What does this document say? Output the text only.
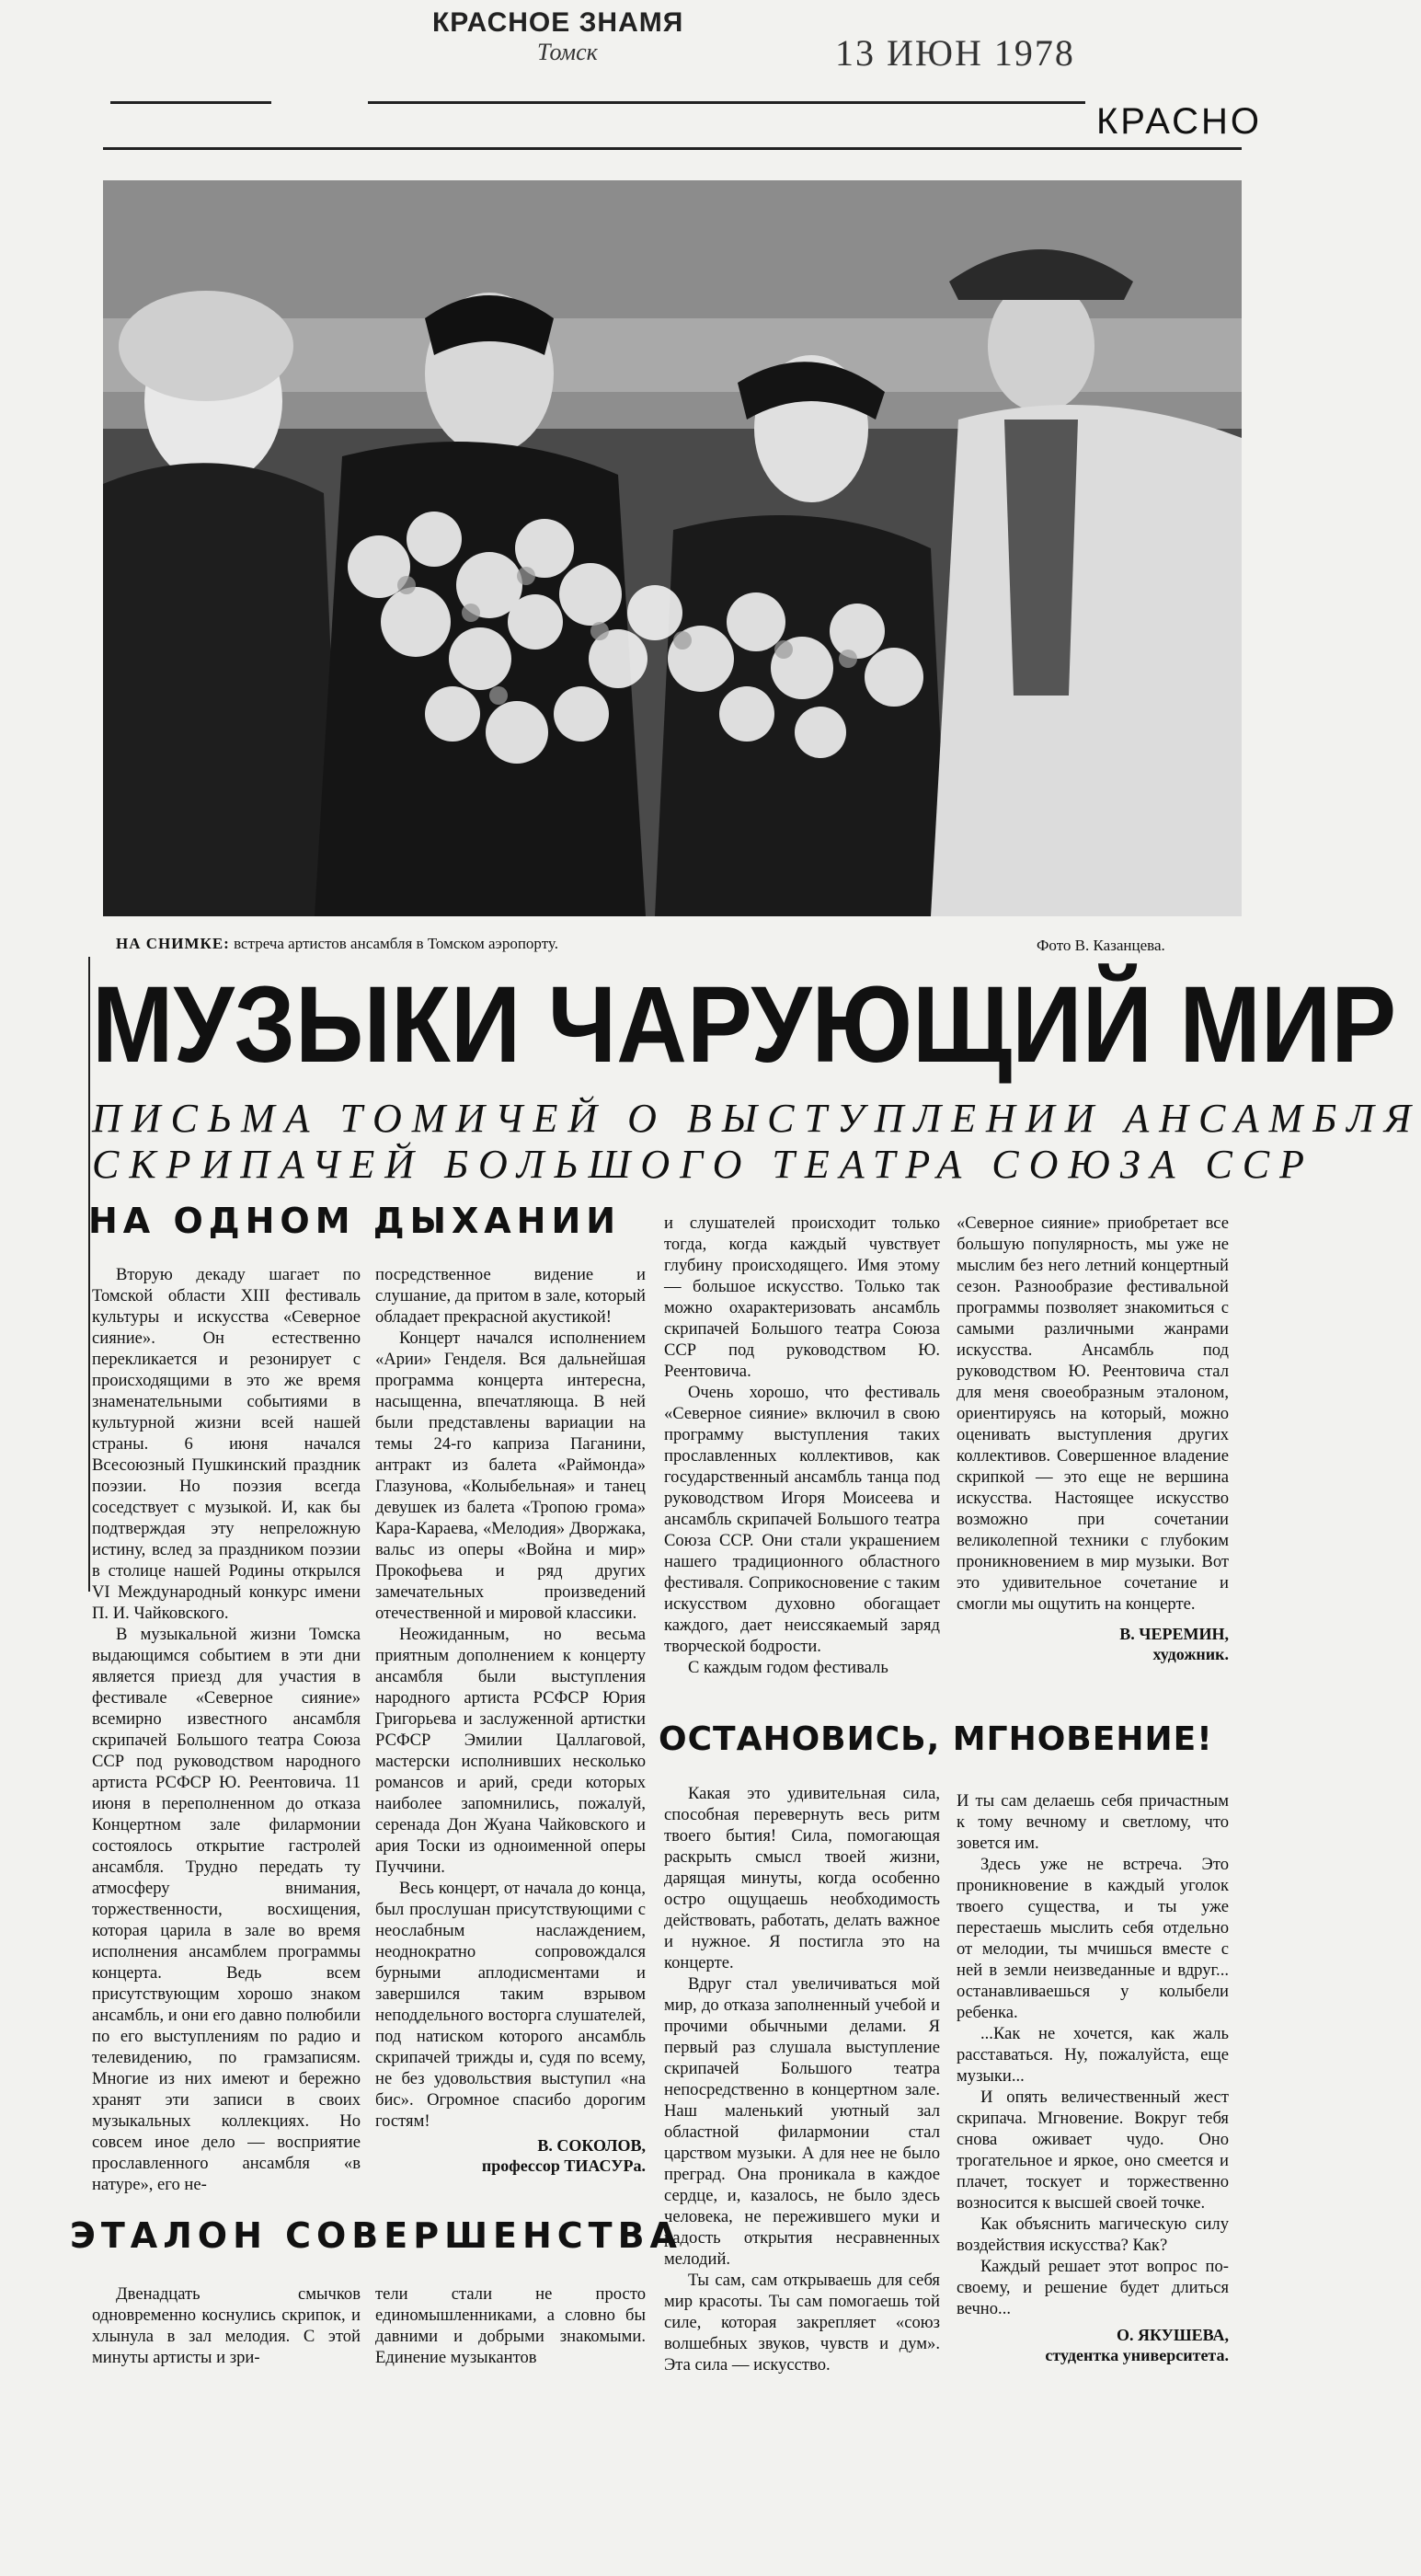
КРАСНОЕ ЗНАМЯ
Томск	13 ИЮН 1978
КРАСНО
НА СНИМКЕ: встреча артистов ансамбля в Томском аэропорту.	Фото В. Казанцева.
МУЗЫКИ ЧАРУЮЩИЙ МИР
ПИСЬМА ТОМИЧЕЙ О ВЫСТУПЛЕНИИ АНСАМБЛЯ
СКРИПАЧЕЙ БОЛЬШОГО ТЕАТРА СОЮЗА ССР
НА ОДНОМ ДЫХАНИИ

Вторую декаду шагает по Томской области XIII фестиваль культуры и искусства «Северное сияние». Он естественно перекликается и резонирует с происходящими в это же время знаменательными событиями в культурной жизни всей нашей страны. 6 июня начался Всесоюзный Пушкинский праздник поэзии. Но поэзия всегда соседствует с музыкой. И, как бы подтверждая эту непреложную истину, вслед за праздником поэзии в столице нашей Родины открылся VI Международный конкурс имени П. И. Чайковского.

В музыкальной жизни Томска выдающимся событием в эти дни является приезд для участия в фестивале «Северное сияние» всемирно известного ансамбля скрипачей Большого театра Союза ССР под руководством народного артиста РСФСР Ю. Реентовича. 11 июня в переполненном до отказа Концертном зале филармонии состоялось открытие гастролей ансамбля. Трудно передать ту атмосферу внимания, торжественности, восхищения, которая царила в зале во время исполнения ансамблем программы концерта. Ведь всем присутствующим хорошо знаком ансамбль, и они его давно полюбили по его выступлениям по радио и телевидению, по грамзаписям. Многие из них имеют и бережно хранят эти записи в своих музыкальных коллекциях. Но совсем иное дело — восприятие прославленного ансамбля «в натуре», его не-

посредственное видение и слушание, да притом в зале, который обладает прекрасной акустикой!

Концерт начался исполнением «Арии» Генделя. Вся дальнейшая программа концерта интересна, насыщенна, впечатляюща. В ней были представлены вариации на темы 24-го каприза Паганини, антракт из балета «Раймонда» Глазунова, «Колыбельная» и танец девушек из балета «Тропою грома» Кара-Караева, «Мелодия» Дворжака, вальс из оперы «Война и мир» Прокофьева и ряд других замечательных произведений отечественной и мировой классики.

Неожиданным, но весьма приятным дополнением к концерту ансамбля были выступления народного артиста РСФСР Юрия Григорьева и заслуженной артистки РСФСР Эмилии Цаллаговой, мастерски исполнивших несколько романсов и арий, среди которых наиболее запомнились, пожалуй, серенада Дон Жуана Чайковского и ария Тоски из одноименной оперы Пуччини.

Весь концерт, от начала до конца, был прослушан присутствующими с неослабным наслаждением, неоднократно сопровождался бурными аплодисментами и завершился таким взрывом неподдельного восторга слушателей, под натиском которого ансамбль скрипачей трижды и, судя по всему, не без удовольствия выступил «на бис». Огромное спасибо дорогим гостям!

В. СОКОЛОВ,
профессор ТИАСУРа.

и слушателей происходит только тогда, когда каждый чувствует глубину происходящего. Имя этому — большое искусство. Только так можно охарактеризовать ансамбль скрипачей Большого театра Союза ССР под руководством Ю. Реентовича.

Очень хорошо, что фестиваль «Северное сияние» включил в свою программу выступления таких прославленных коллективов, как государственный ансамбль танца под руководством Игоря Моисеева и ансамбль скрипачей Большого театра Союза ССР. Они стали украшением нашего традиционного областного фестиваля. Соприкосновение с таким искусством духовно обогащает каждого, дает неиссякаемый заряд творческой бодрости.

С каждым годом фестиваль

«Северное сияние» приобретает все большую популярность, мы уже не мыслим без него летний концертный сезон. Разнообразие фестивальной программы позволяет знакомиться с самыми различными жанрами искусства. Ансамбль под руководством Ю. Реентовича стал для меня своеобразным эталоном, ориентируясь на который, можно оценивать выступления других коллективов. Совершенное владение скрипкой — это еще не вершина искусства. Настоящее искусство возможно при сочетании великолепной техники с глубоким проникновением в мир музыки. Вот это удивительное сочетание и смогли мы ощутить на концерте.

В. ЧЕРЕМИН,
художник.
ОСТАНОВИСЬ, МГНОВЕНИЕ!

Какая это удивительная сила, способная перевернуть весь ритм твоего бытия! Сила, помогающая раскрыть смысл твоей жизни, дарящая минуты, когда особенно остро ощущаешь необходимость действовать, работать, делать важное и нужное. Я постигла это на концерте.

Вдруг стал увеличиваться мой мир, до отказа заполненный учебой и прочими обычными делами. Я первый раз слушала выступление скрипачей Большого театра непосредственно в концертном зале. Наш маленький уютный зал областной филармонии стал царством музыки. А для нее не было преград. Она проникала в каждое сердце, и, казалось, не было здесь человека, не пережившего муки и радость открытия несравненных мелодий.

Ты сам, сам открываешь для себя мир красоты. Ты сам помогаешь той силе, которая закрепляет «союз волшебных звуков, чувств и дум». Эта сила — искусство.

И ты сам делаешь себя причастным к тому вечному и светлому, что зовется им.

Здесь уже не встреча. Это проникновение в каждый уголок твоего существа, и ты уже перестаешь мыслить себя отдельно от мелодии, ты мчишься вместе с ней в земли неизведанные и вдруг... останавливаешься у колыбели ребенка.

...Как не хочется, как жаль расставаться. Ну, пожалуйста, еще музыки...

И опять величественный жест скрипача. Мгновение. Вокруг тебя снова оживает чудо. Оно трогательное и яркое, оно смеется и плачет, тоскует и торжественно возносится к высшей своей точке.

Как объяснить магическую силу воздействия искусства? Как?

Каждый решает этот вопрос по-своему, и решение будет длиться вечно...

О. ЯКУШЕВА,
студентка университета.
ЭТАЛОН СОВЕРШЕНСТВА

Двенадцать смычков одновременно коснулись скрипок, и хлынула в зал мелодия. С этой минуты артисты и зри-

тели стали не просто единомышленниками, а словно бы давними и добрыми знакомыми. Единение музыкантов
